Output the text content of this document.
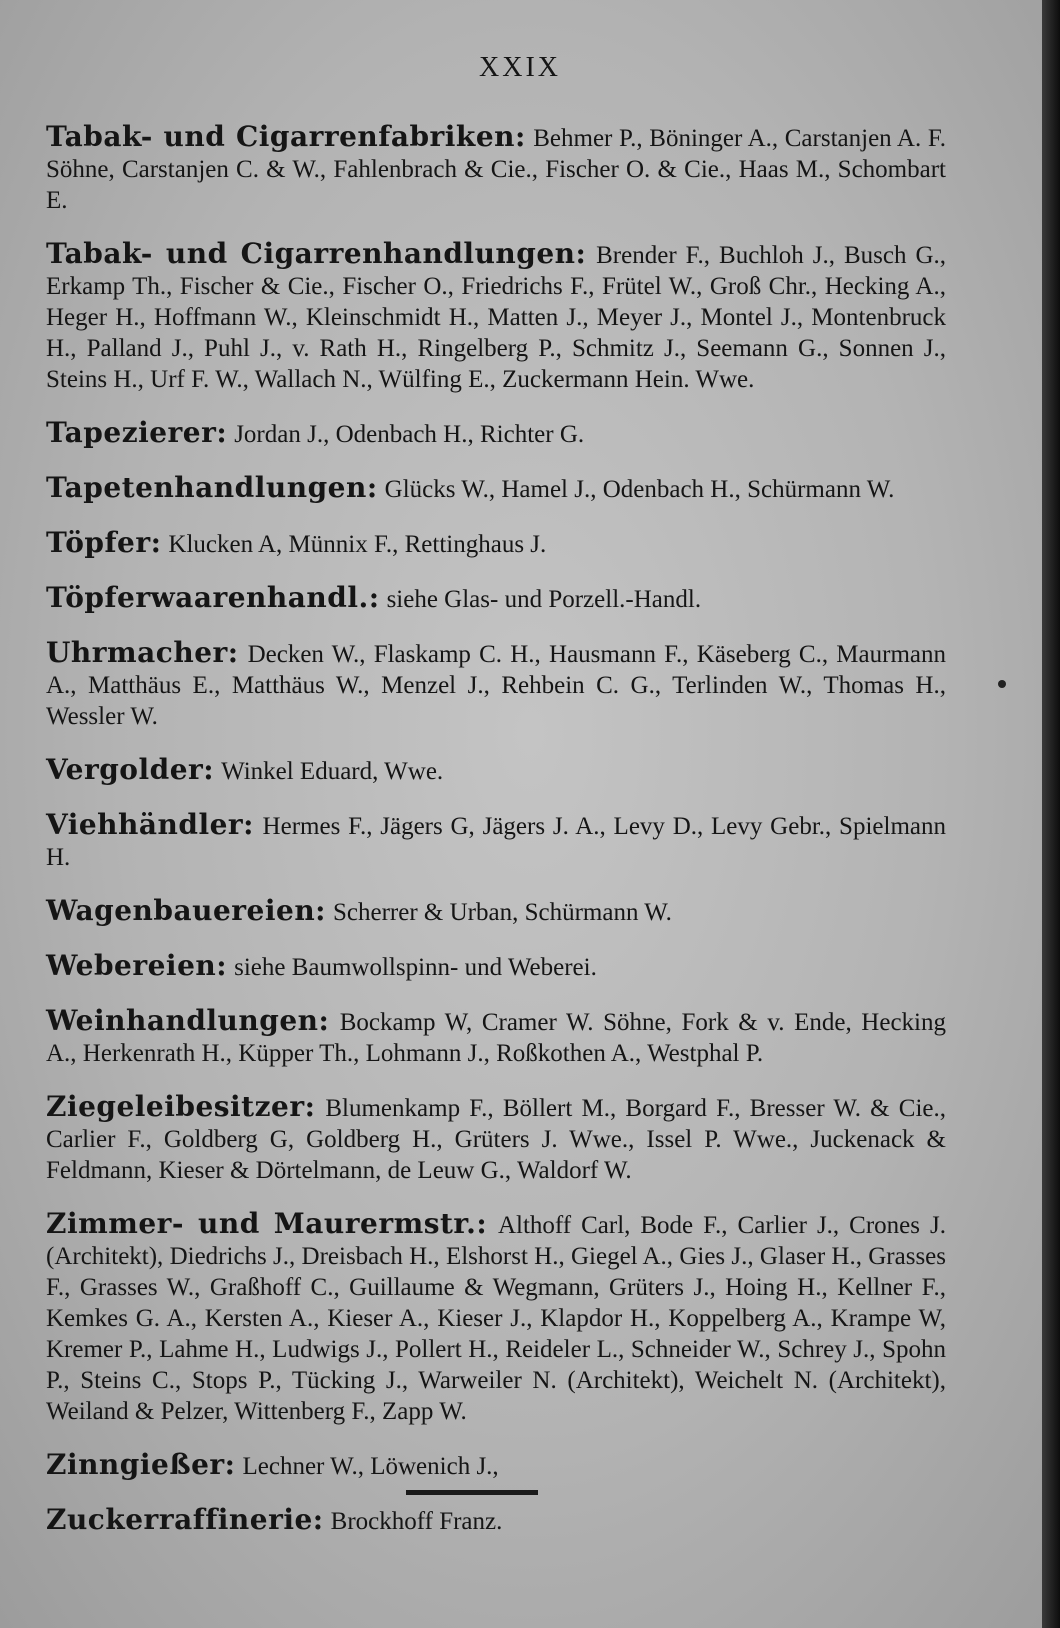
XXIX

Tabak- und Cigarrenfabriken: Behmer P., Böninger A., Carstanjen A. F. Söhne, Carstanjen C. & W., Fahlenbrach & Cie., Fischer O. & Cie., Haas M., Schombart E.

Tabak- und Cigarrenhandlungen: Brender F., Buchloh J., Busch G., Erkamp Th., Fischer & Cie., Fischer O., Friedrichs F., Frütel W., Groß Chr., Hecking A., Heger H., Hoffmann W., Kleinschmidt H., Matten J., Meyer J., Montel J., Montenbruck H., Palland J., Puhl J., v. Rath H., Ringelberg P., Schmitz J., Seemann G., Sonnen J., Steins H., Urf F. W., Wallach N., Wülfing E., Zuckermann Hein. Wwe.

Tapezierer: Jordan J., Odenbach H., Richter G.

Tapetenhandlungen: Glücks W., Hamel J., Odenbach H., Schürmann W.

Töpfer: Klucken A, Münnix F., Rettinghaus J.

Töpferwaarenhandl.: siehe Glas- und Porzell.-Handl.

Uhrmacher: Decken W., Flaskamp C. H., Hausmann F., Käseberg C., Maurmann A., Matthäus E., Matthäus W., Menzel J., Rehbein C. G., Terlinden W., Thomas H., Wessler W.

Vergolder: Winkel Eduard, Wwe.

Viehhändler: Hermes F., Jägers G, Jägers J. A., Levy D., Levy Gebr., Spielmann H.

Wagenbauereien: Scherrer & Urban, Schürmann W.

Webereien: siehe Baumwollspinn- und Weberei.

Weinhandlungen: Bockamp W, Cramer W. Söhne, Fork & v. Ende, Hecking A., Herkenrath H., Küpper Th., Lohmann J., Roßkothen A., Westphal P.

Ziegeleibesitzer: Blumenkamp F., Böllert M., Borgard F., Bresser W. & Cie., Carlier F., Goldberg G, Goldberg H., Grüters J. Wwe., Issel P. Wwe., Juckenack & Feldmann, Kieser & Dörtelmann, de Leuw G., Waldorf W.

Zimmer- und Maurermstr.: Althoff Carl, Bode F., Carlier J., Crones J. (Architekt), Diedrichs J., Dreisbach H., Elshorst H., Giegel A., Gies J., Glaser H., Grasses F., Grasses W., Graßhoff C., Guillaume & Wegmann, Grüters J., Hoing H., Kellner F., Kemkes G. A., Kersten A., Kieser A., Kieser J., Klapdor H., Koppelberg A., Krampe W, Kremer P., Lahme H., Ludwigs J., Pollert H., Reideler L., Schneider W., Schrey J., Spohn P., Steins C., Stops P., Tücking J., Warweiler N. (Architekt), Weichelt N. (Architekt), Weiland & Pelzer, Wittenberg F., Zapp W.

Zinngießer: Lechner W., Löwenich J.,

Zuckerraffinerie: Brockhoff Franz.
